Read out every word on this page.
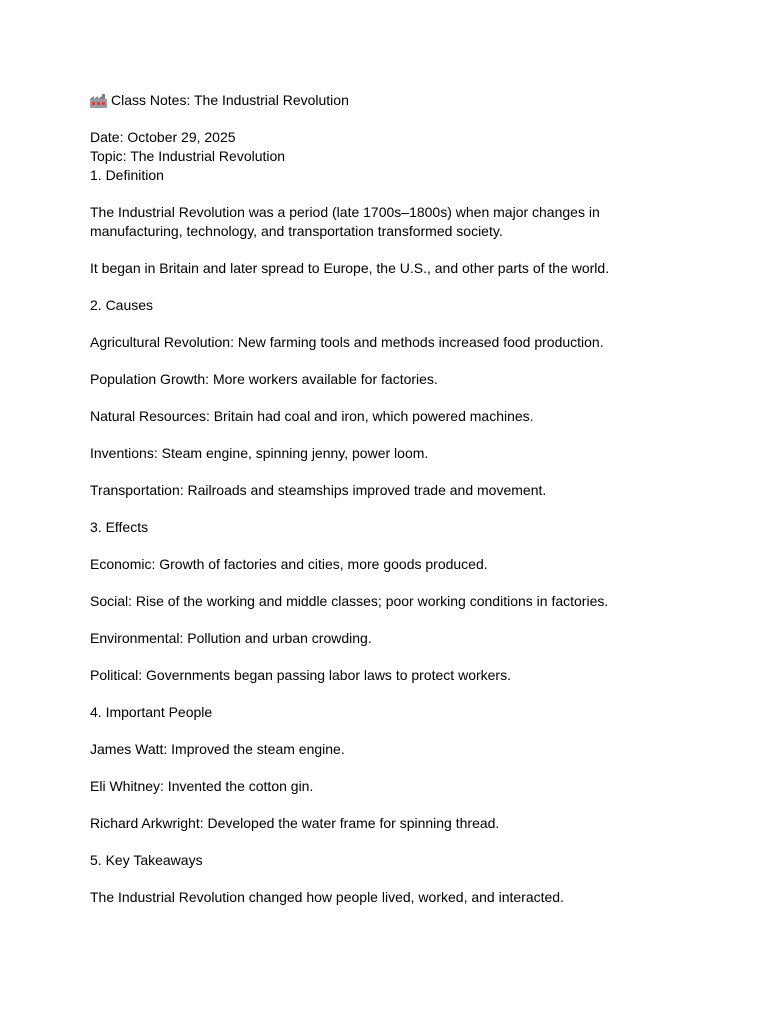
Class Notes: The Industrial Revolution
Date: October 29, 2025
Topic: The Industrial Revolution
1. Definition
The Industrial Revolution was a period (late 1700s–1800s) when major changes in manufacturing, technology, and transportation transformed society.
It began in Britain and later spread to Europe, the U.S., and other parts of the world.
2. Causes
Agricultural Revolution: New farming tools and methods increased food production.
Population Growth: More workers available for factories.
Natural Resources: Britain had coal and iron, which powered machines.
Inventions: Steam engine, spinning jenny, power loom.
Transportation: Railroads and steamships improved trade and movement.
3. Effects
Economic: Growth of factories and cities, more goods produced.
Social: Rise of the working and middle classes; poor working conditions in factories.
Environmental: Pollution and urban crowding.
Political: Governments began passing labor laws to protect workers.
4. Important People
James Watt: Improved the steam engine.
Eli Whitney: Invented the cotton gin.
Richard Arkwright: Developed the water frame for spinning thread.
5. Key Takeaways
The Industrial Revolution changed how people lived, worked, and interacted.
